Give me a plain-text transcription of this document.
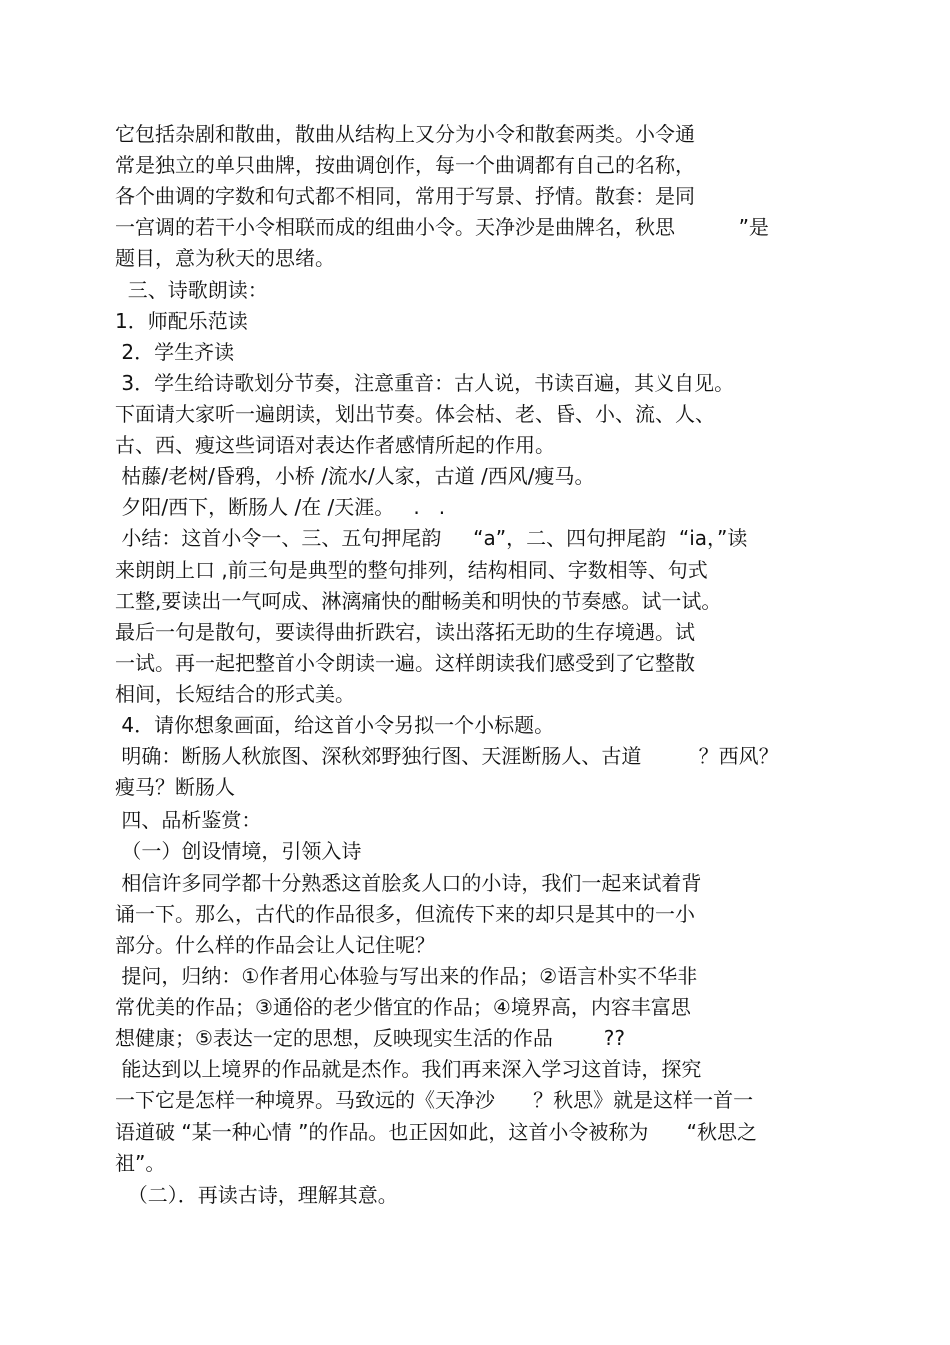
它包括杂剧和散曲，散曲从结构上又分为小令和散套两类。小令通
常是独立的单只曲牌，按曲调创作，每一个曲调都有自己的名称，
各个曲调的字数和句式都不相同，常用于写景、抒情。散套：是同
一宫调的若干小令相联而成的组曲小令。天净沙是曲牌名，秋思          ”是
题目，意为秋天的思绪。
三、诗歌朗读：
1．师配乐范读
2．学生齐读
3．学生给诗歌划分节奏，注意重音：古人说，书读百遍，其义自见。
下面请大家听一遍朗读，划出节奏。体会枯、老、昏、小、流、人、
古、西、瘦这些词语对表达作者感情所起的作用。
枯藤/老树/昏鸦，小桥 /流水/人家，古道 /西风/瘦马。
夕阳/西下，断肠人 /在 /天涯。   .   .
小结：这首小令一、三、五句押尾韵     “a”，二、四句押尾韵  “ia，”读
来朗朗上口 ,前三句是典型的整句排列，结构相同、字数相等、句式
工整,要读出一气呵成、淋漓痛快的酣畅美和明快的节奏感。试一试。
最后一句是散句，要读得曲折跌宕，读出落拓无助的生存境遇。试
一试。再一起把整首小令朗读一遍。这样朗读我们感受到了它整散
相间，长短结合的形式美。
4．请你想象画面，给这首小令另拟一个小标题。
明确：断肠人秋旅图、深秋郊野独行图、天涯断肠人、古道         ？西风？
瘦马？断肠人
四、品析鉴赏：
（一）创设情境，引领入诗
相信许多同学都十分熟悉这首脍炙人口的小诗，我们一起来试着背
诵一下。那么，古代的作品很多，但流传下来的却只是其中的一小
部分。什么样的作品会让人记住呢？
提问，归纳：①作者用心体验与写出来的作品；②语言朴实不华非
常优美的作品；③通俗的老少偕宜的作品；④境界高，内容丰富思
想健康；⑤表达一定的思想，反映现实生活的作品        ??
能达到以上境界的作品就是杰作。我们再来深入学习这首诗，探究
一下它是怎样一种境界。马致远的《天净沙      ？秋思》就是这样一首一
语道破 “某一种心情 ”的作品。也正因如此，这首小令被称为      “秋思之
祖”。
（二）．再读古诗，理解其意。
